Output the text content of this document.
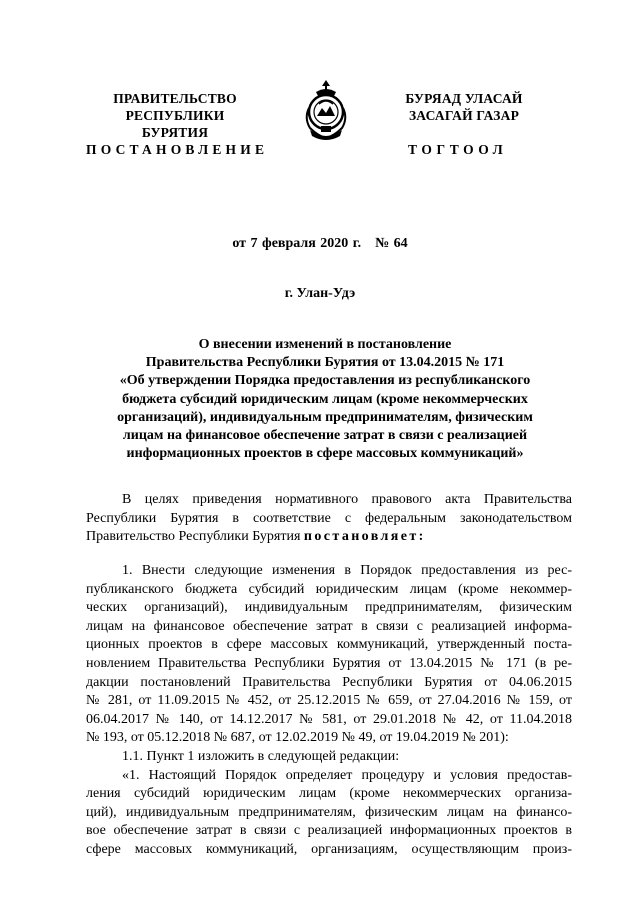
ПРАВИТЕЛЬСТВО
РЕСПУБЛИКИ БУРЯТИЯ
БУРЯАД УЛАСАЙ
ЗАСАГАЙ ГАЗАР
ПОСТАНОВЛЕНИЕ	ТОГТООЛ
от 7 февраля 2020 г. № 64
г. Улан-Удэ
О внесении изменений в постановление
Правительства Республики Бурятия от 13.04.2015 № 171
«Об утверждении Порядка предоставления из республиканского
бюджета субсидий юридическим лицам (кроме некоммерческих
организаций), индивидуальным предпринимателям, физическим
лицам на финансовое обеспечение затрат в связи с реализацией
информационных проектов в сфере массовых коммуникаций»
В целях приведения нормативного правового акта Правительства
Республики Бурятия в соответствие с федеральным законодательством
Правительство Республики Бурятия постановляет:
1. Внести следующие изменения в Порядок предоставления из рес-
публиканского бюджета субсидий юридическим лицам (кроме некоммер-
ческих организаций), индивидуальным предпринимателям, физическим
лицам на финансовое обеспечение затрат в связи с реализацией информа-
ционных проектов в сфере массовых коммуникаций, утвержденный поста-
новлением Правительства Республики Бурятия от 13.04.2015 № 171 (в ре-
дакции постановлений Правительства Республики Бурятия от 04.06.2015
№ 281, от 11.09.2015 № 452, от 25.12.2015 № 659, от 27.04.2016 № 159, от
06.04.2017 № 140, от 14.12.2017 № 581, от 29.01.2018 № 42, от 11.04.2018
№ 193, от 05.12.2018 № 687, от 12.02.2019 № 49, от 19.04.2019 № 201):
1.1. Пункт 1 изложить в следующей редакции:
«1. Настоящий Порядок определяет процедуру и условия предостав-
ления субсидий юридическим лицам (кроме некоммерческих организа-
ций), индивидуальным предпринимателям, физическим лицам на финансо-
вое обеспечение затрат в связи с реализацией информационных проектов в
сфере массовых коммуникаций, организациям, осуществляющим произ-
